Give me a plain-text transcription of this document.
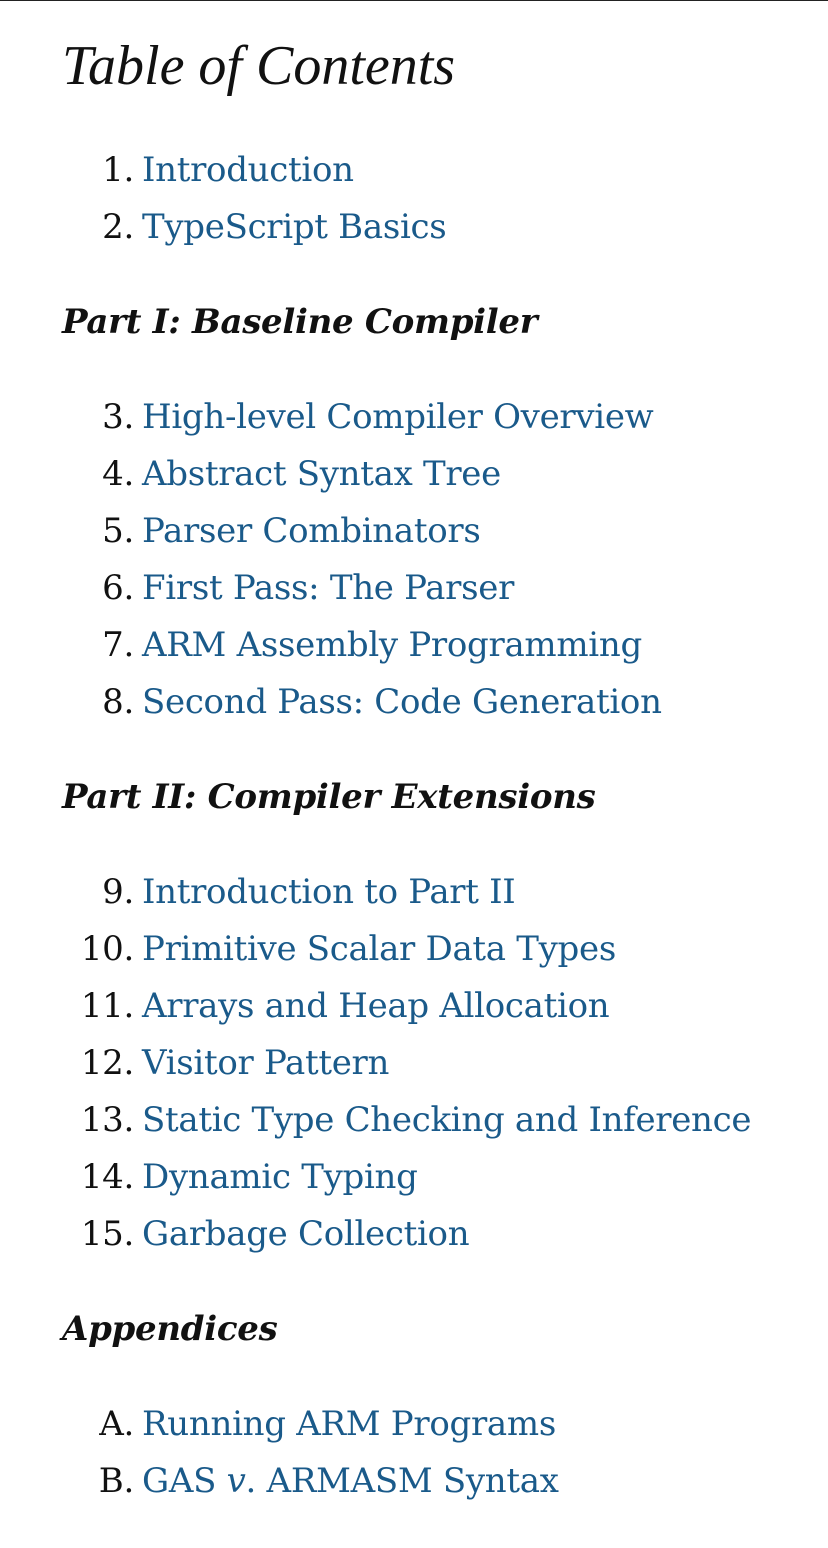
Table of Contents
1. Introduction
2. TypeScript Basics
Part I: Baseline Compiler
3. High-level Compiler Overview
4. Abstract Syntax Tree
5. Parser Combinators
6. First Pass: The Parser
7. ARM Assembly Programming
8. Second Pass: Code Generation
Part II: Compiler Extensions
9. Introduction to Part II
10. Primitive Scalar Data Types
11. Arrays and Heap Allocation
12. Visitor Pattern
13. Static Type Checking and Inference
14. Dynamic Typing
15. Garbage Collection
Appendices
A. Running ARM Programs
B. GAS v. ARMASM Syntax
